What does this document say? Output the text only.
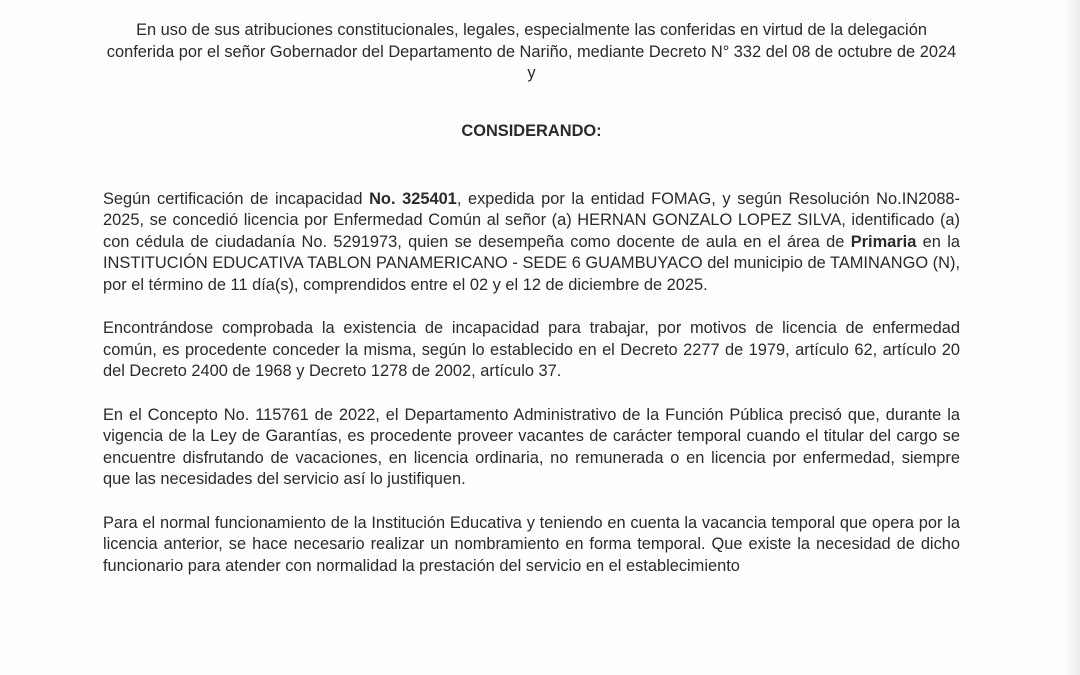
En uso de sus atribuciones constitucionales, legales, especialmente las conferidas en virtud de la delegación conferida por el señor Gobernador del Departamento de Nariño, mediante Decreto N° 332 del 08 de octubre de 2024 y

CONSIDERANDO:

Según certificación de incapacidad No. 325401, expedida por la entidad FOMAG, y según Resolución No.IN2088-2025, se concedió licencia por Enfermedad Común al señor (a) HERNAN GONZALO LOPEZ SILVA, identificado (a) con cédula de ciudadanía No. 5291973, quien se desempeña como docente de aula en el área de Primaria en la INSTITUCIÓN EDUCATIVA TABLON PANAMERICANO - SEDE 6 GUAMBUYACO del municipio de TAMINANGO (N), por el término de 11 día(s), comprendidos entre el 02 y el 12 de diciembre de 2025.

Encontrándose comprobada la existencia de incapacidad para trabajar, por motivos de licencia de enfermedad común, es procedente conceder la misma, según lo establecido en el Decreto 2277 de 1979, artículo 62, artículo 20 del Decreto 2400 de 1968 y Decreto 1278 de 2002, artículo 37.

En el Concepto No. 115761 de 2022, el Departamento Administrativo de la Función Pública precisó que, durante la vigencia de la Ley de Garantías, es procedente proveer vacantes de carácter temporal cuando el titular del cargo se encuentre disfrutando de vacaciones, en licencia ordinaria, no remunerada o en licencia por enfermedad, siempre que las necesidades del servicio así lo justifiquen.

Para el normal funcionamiento de la Institución Educativa y teniendo en cuenta la vacancia temporal que opera por la licencia anterior, se hace necesario realizar un nombramiento en forma temporal. Que existe la necesidad de dicho funcionario para atender con normalidad la prestación del servicio en el establecimiento
